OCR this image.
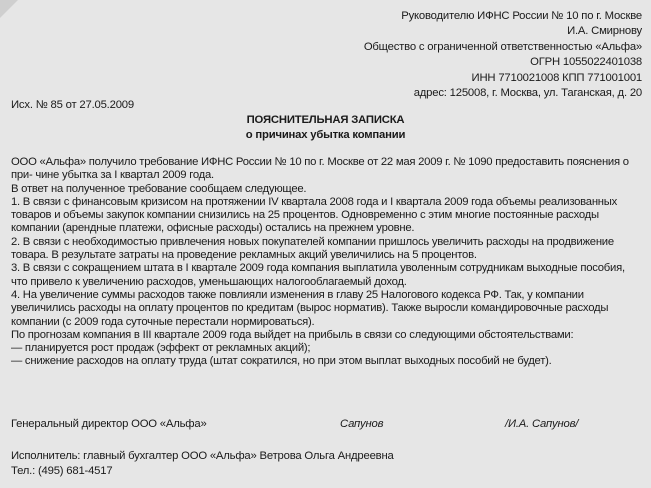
Руководителю ИФНС России № 10 по г. Москве
И.А. Смирнову
Общество с ограниченной ответственностью «Альфа»
ОГРН 1055022401038
ИНН 7710021008 КПП 771001001
адрес: 125008, г. Москва, ул. Таганская, д. 20
Исх. № 85 от 27.05.2009
ПОЯСНИТЕЛЬНАЯ ЗАПИСКА
о причинах убытка компании

ООО «Альфа» получило требование ИФНС России № 10 по г. Москве от 22 мая 2009 г. № 1090 предоставить пояснения о при- чине убытка за I квартал 2009 года.

В ответ на полученное требование сообщаем следующее.

1. В связи с финансовым кризисом на протяжении IV квартала 2008 года и I квартала 2009 года объемы реализованных товаров и объемы закупок компании снизились на 25 процентов. Одновременно с этим многие постоянные расходы компании (арендные платежи, офисные расходы) остались на прежнем уровне.

2. В связи с необходимостью привлечения новых покупателей компании пришлось увеличить расходы на продвижение товара. В результате затраты на проведение рекламных акций увеличились на 5 процентов.

3. В связи с сокращением штата в I квартале 2009 года компания выплатила уволенным сотрудникам выходные пособия, что привело к увеличению расходов, уменьшающих налогооблагаемый доход.

4. На увеличение суммы расходов также повлияли изменения в главу 25 Налогового кодекса РФ. Так, у компании увеличились расходы на оплату процентов по кредитам (вырос норматив). Также выросли командировочные расходы компании (с 2009 года суточные перестали нормироваться).

По прогнозам компания в III квартале 2009 года выйдет на прибыль в связи со следующими обстоятельствами:

— планируется рост продаж (эффект от рекламных акций);

— снижение расходов на оплату труда (штат сократился, но при этом выплат выходных пособий не будет).

Генеральный директор ООО «Альфа»	Сапунов	/И.А. Сапунов/
Исполнитель: главный бухгалтер ООО «Альфа» Ветрова Ольга Андреевна
Тел.: (495) 681-4517
